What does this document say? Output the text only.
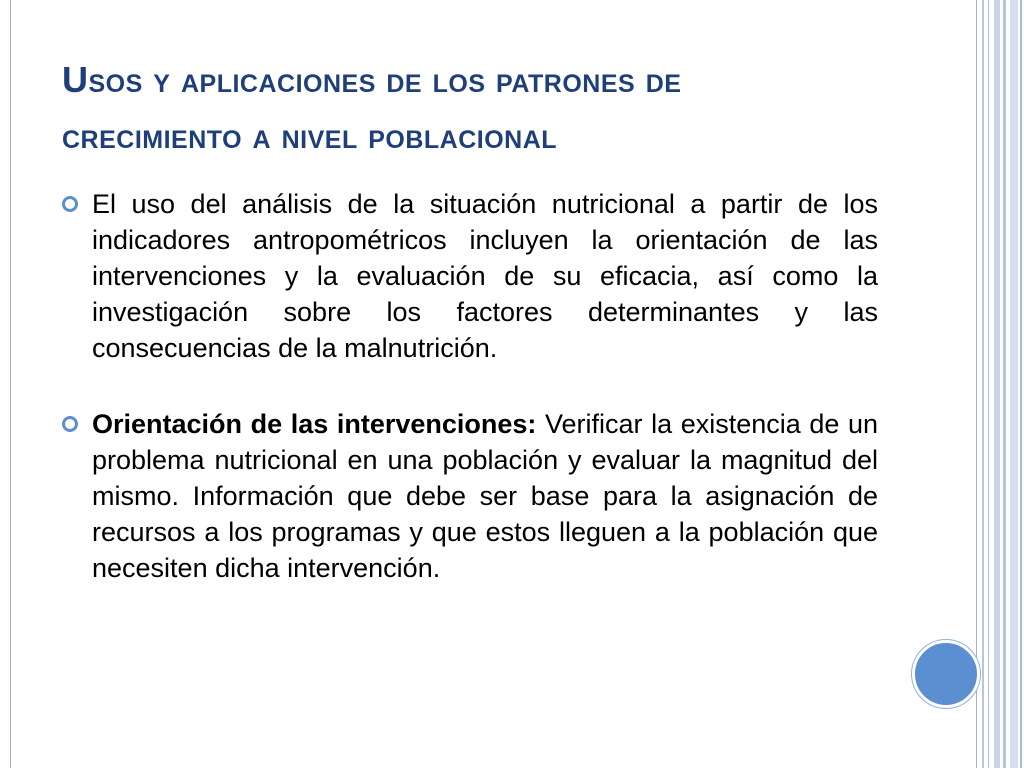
Usos y aplicaciones de los patrones de
crecimiento a nivel poblacional
El uso del análisis de la situación nutricional a partir de los indicadores antropométricos incluyen la orientación de las intervenciones y la evaluación de su eficacia, así como la investigación sobre los factores determinantes y las consecuencias de la malnutrición.
Orientación de las intervenciones: Verificar la existencia de un problema nutricional en una población y evaluar la magnitud del mismo. Información que debe ser base para la asignación de recursos a los programas y que estos lleguen a la población que necesiten dicha intervención.
